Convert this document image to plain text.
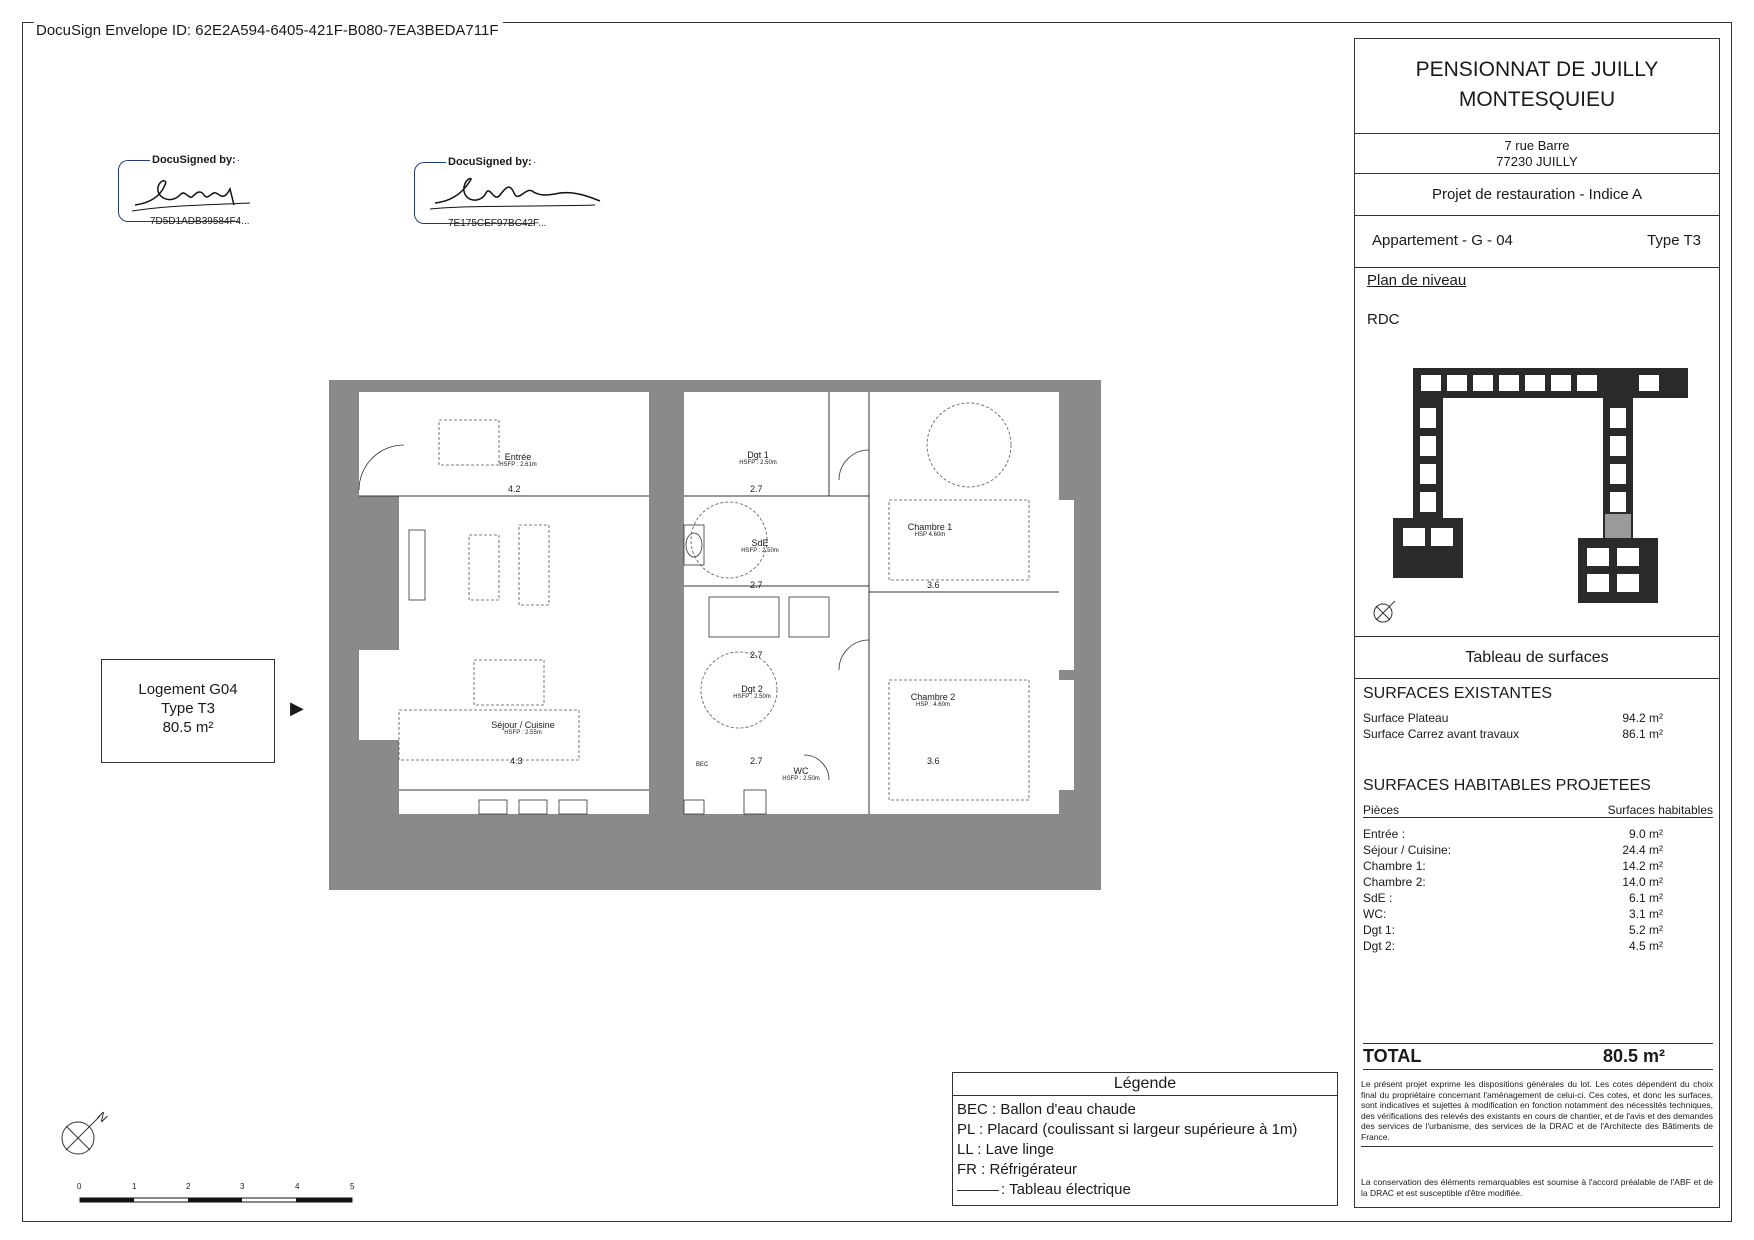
DocuSign Envelope ID: 62E2A594-6405-421F-B080-7EA3BEDA711F
DocuSigned by:
7D5D1ADB39584F4...
DocuSigned by:
7E175CEF97BC42F...
Entrée
HSFP : 2.61m
Dgt 1
HSFP : 2.50m
SdE
HSFP : 2.50m
Chambre 1
HSP 4.60m
Séjour / Cuisine
HSFP : 2.55m
Dgt 2
HSFP : 2.50m	Chambre 2
HSP : 4.60m
WC
HSFP : 2.50m
4.2	2.7
2.7	3.6
2.7
4.3	2.7	3.6
BEC
Logement G04
Type T3
80.5 m²
▶
N
0	1	2	3	4	5
Légende
BEC : Ballon d'eau chaude
PL : Placard (coulissant si largeur supérieure à 1m)
LL : Lave linge
FR : Réfrigérateur
: Tableau électrique
PENSIONNAT DE JUILLY
MONTESQUIEU
7 rue Barre
77230 JUILLY
Projet de restauration - Indice A
Appartement - G - 04	Type T3
Plan de niveau
RDC
Tableau de surfaces
SURFACES EXISTANTES
Surface Plateau	94.2 m²
Surface Carrez avant travaux	86.1 m²
SURFACES HABITABLES PROJETEES
Pièces	Surfaces habitables
Entrée :	9.0 m²
Séjour / Cuisine:	24.4 m²
Chambre 1:	14.2 m²
Chambre 2:	14.0 m²
SdE :	6.1 m²
WC:	3.1 m²
Dgt 1:	5.2 m²
Dgt 2:	4.5 m²
TOTAL	80.5 m²
Le présent projet exprime les dispositions générales du lot. Les cotes dépendent du choix final du propriétaire concernant l'aménagement de celui-ci. Ces cotes, et donc les surfaces, sont indicatives et sujettes à modification en fonction notamment des nécessités techniques, des vérifications des relevés des existants en cours de chantier, et de l'avis et des demandes des services de l'urbanisme, des services de la DRAC et de l'Architecte des Bâtiments de France.
La conservation des éléments remarquables est soumise à l'accord préalable de l'ABF et de la DRAC et est susceptible d'être modifiée.
